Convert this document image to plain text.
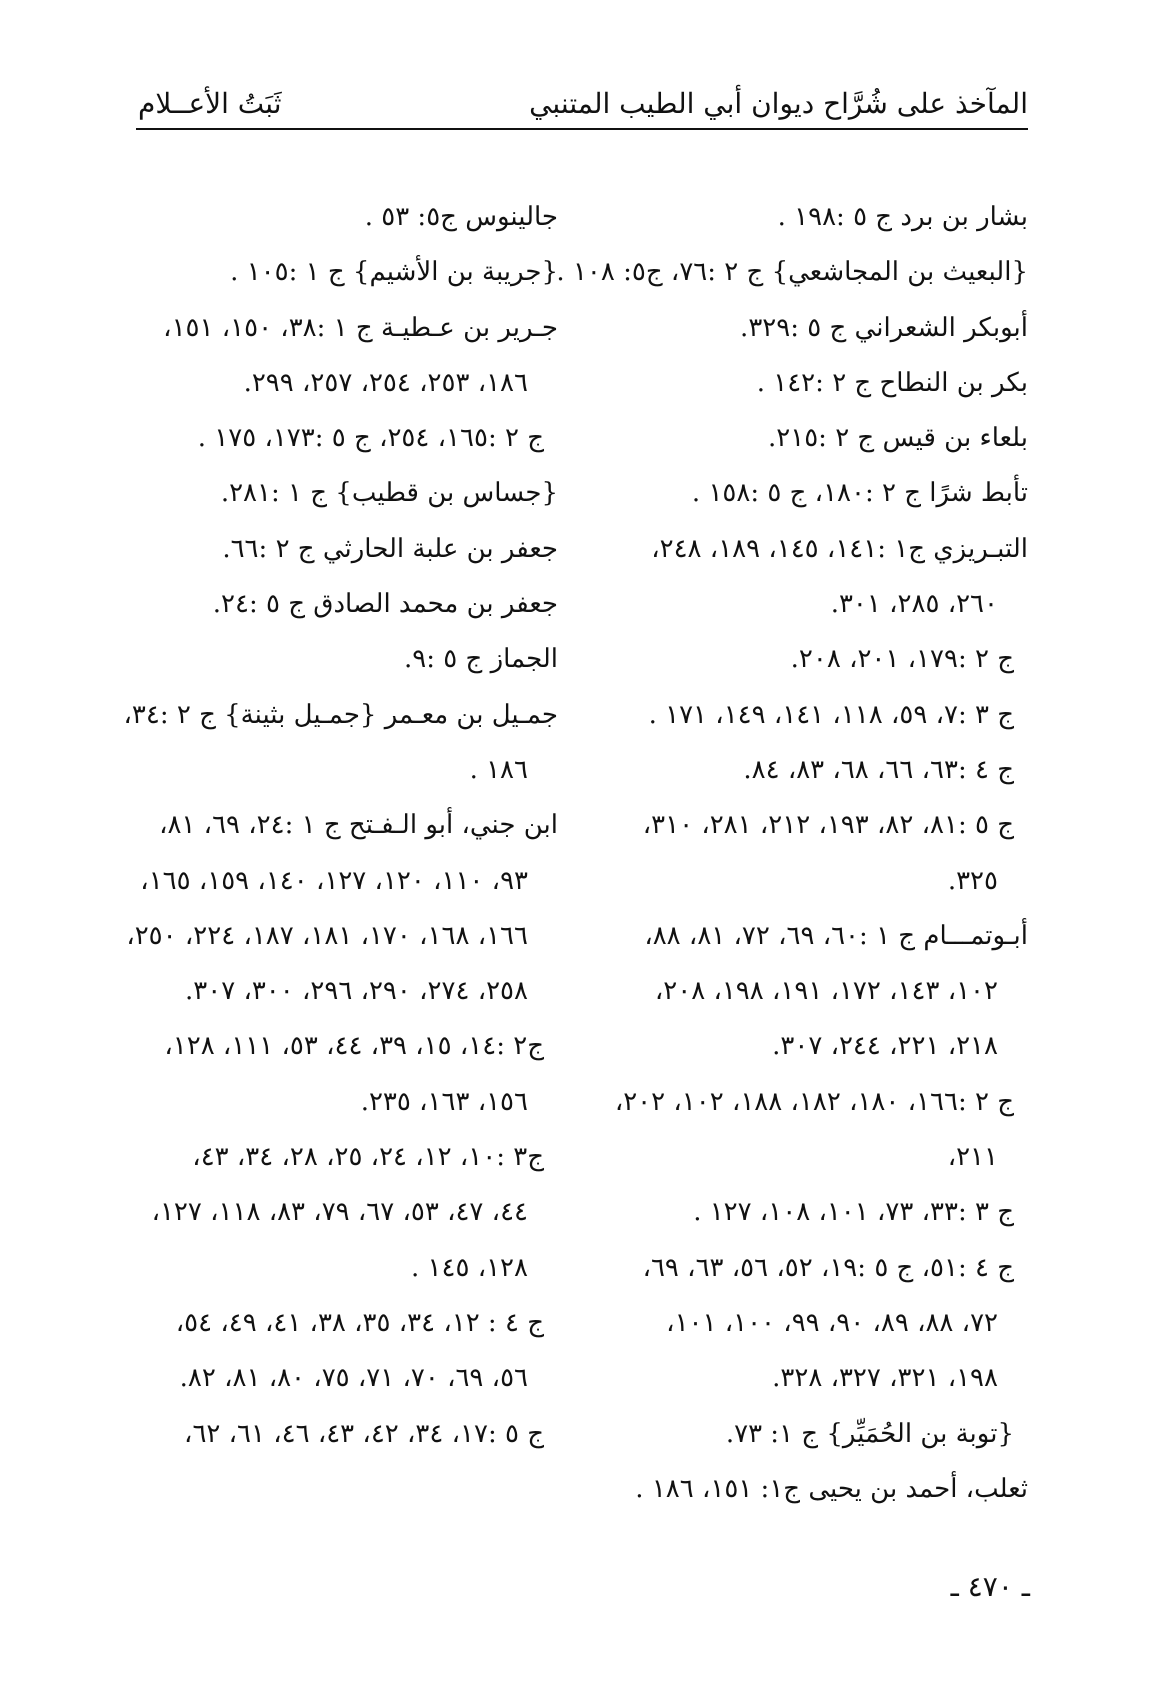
المآخذ على شُرَّاح ديوان أبي الطيب المتنبي
ثَبَتُ الأعــلام
بشار بن برد ج ٥ :١٩٨ .
{البعيث بن المجاشعي} ج ٢ :٧٦، ج٥: ١٠٨ .
أبوبكر الشعراني ج ٥ :٣٢٩.
بكر بن النطاح ج ٢ :١٤٢ .
بلعاء بن قيس ج ٢ :٢١٥.
تأبط شرًا ج ٢ :١٨٠، ج ٥ :١٥٨ .
التبـريزي ج١ :١٤١، ١٤٥، ١٨٩، ٢٤٨،
٢٦٠، ٢٨٥، ٣٠١.
ج ٢ :١٧٩، ٢٠١، ٢٠٨.
ج ٣ :٧، ٥٩، ١١٨، ١٤١، ١٤٩، ١٧١ .
ج ٤ :٦٣، ٦٦، ٦٨، ٨٣، ٨٤.
ج ٥ :٨١، ٨٢، ١٩٣، ٢١٢، ٢٨١، ٣١٠،
٣٢٥.
أبـوتمـــام ج ١ :٦٠، ٦٩، ٧٢، ٨١، ٨٨،
١٠٢، ١٤٣، ١٧٢، ١٩١، ١٩٨، ٢٠٨،
٢١٨، ٢٢١، ٢٤٤، ٣٠٧.
ج ٢ :١٦٦، ١٨٠، ١٨٢، ١٨٨، ١٠٢، ٢٠٢،
٢١١،
ج ٣ :٣٣، ٧٣، ١٠١، ١٠٨، ١٢٧ .
ج ٤ :٥١، ج ٥ :١٩، ٥٢، ٥٦، ٦٣، ٦٩،
٧٢، ٨٨، ٨٩، ٩٠، ٩٩، ١٠٠، ١٠١،
١٩٨، ٣٢١، ٣٢٧، ٣٢٨.
{توبة بن الحُمَيِّر} ج ١: ٧٣.
ثعلب، أحمد بن يحيى ج١: ١٥١، ١٨٦ .
جالينوس ج٥: ٥٣ .
{جريبة بن الأشيم} ج ١ :١٠٥ .
جـرير بن عـطيـة ج ١ :٣٨، ١٥٠، ١٥١،
١٨٦، ٢٥٣، ٢٥٤، ٢٥٧، ٢٩٩.
ج ٢ :١٦٥، ٢٥٤، ج ٥ :١٧٣، ١٧٥ .
{جساس بن قطيب} ج ١ :٢٨١.
جعفر بن علبة الحارثي ج ٢ :٦٦.
جعفر بن محمد الصادق ج ٥ :٢٤.
الجماز ج ٥ :٩.
جمـيل بن معـمر {جمـيل بثينة} ج ٢ :٣٤،
١٨٦ .
ابن جني، أبو الـفـتح ج ١ :٢٤، ٦٩، ٨١،
٩٣، ١١٠، ١٢٠، ١٢٧، ١٤٠، ١٥٩، ١٦٥،
١٦٦، ١٦٨، ١٧٠، ١٨١، ١٨٧، ٢٢٤، ٢٥٠،
٢٥٨، ٢٧٤، ٢٩٠، ٢٩٦، ٣٠٠، ٣٠٧.
ج٢ :١٤، ١٥، ٣٩، ٤٤، ٥٣، ١١١، ١٢٨،
١٥٦، ١٦٣، ٢٣٥.
ج٣ :١٠، ١٢، ٢٤، ٢٥، ٢٨، ٣٤، ٤٣،
٤٤، ٤٧، ٥٣، ٦٧، ٧٩، ٨٣، ١١٨، ١٢٧،
١٢٨، ١٤٥ .
ج ٤ : ١٢، ٣٤، ٣٥، ٣٨، ٤١، ٤٩، ٥٤،
٥٦، ٦٩، ٧٠، ٧١، ٧٥، ٨٠، ٨١، ٨٢.
ج ٥ :١٧، ٣٤، ٤٢، ٤٣، ٤٦، ٦١، ٦٢،
ـ ٤٧٠ ـ
